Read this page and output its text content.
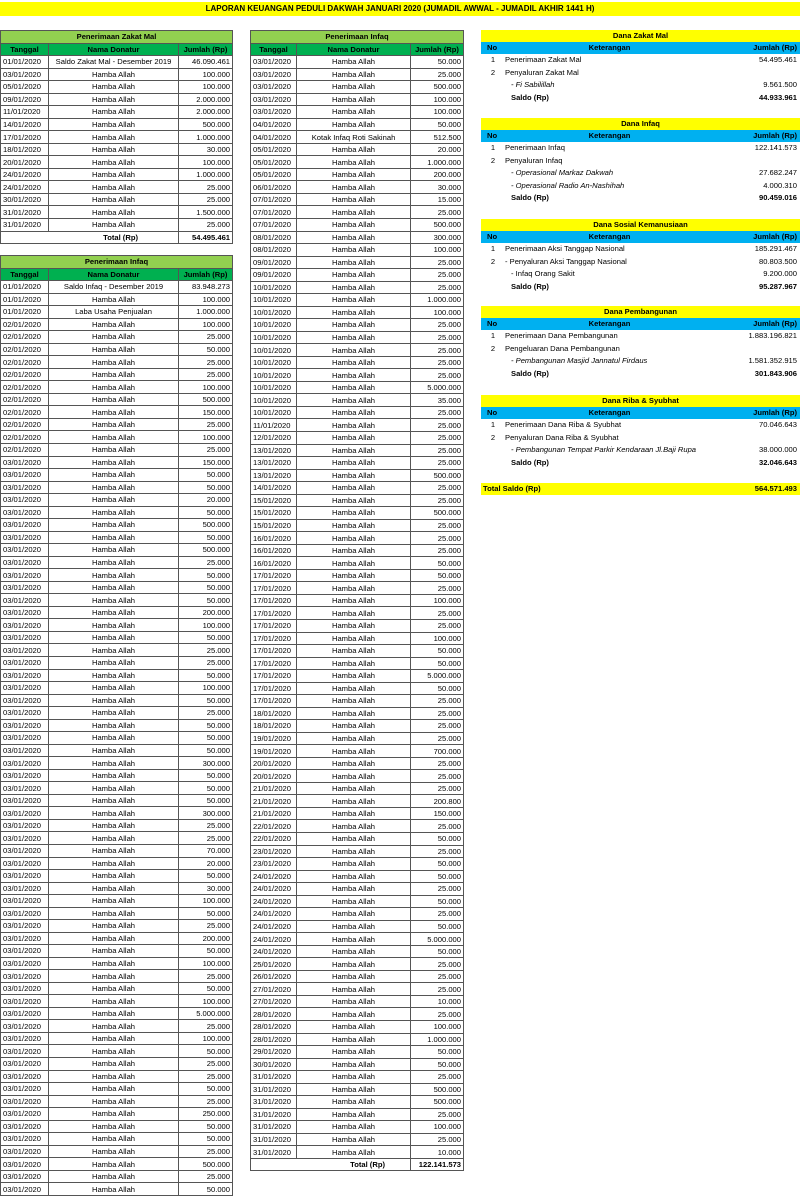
LAPORAN KEUANGAN PEDULI DAKWAH JANUARI 2020 (JUMADIL AWWAL - JUMADIL AKHIR 1441 H)
Penerimaan Zakat Mal		
Tanggal	Nama Donatur	Jumlah (Rp)
01/01/2020	Saldo Zakat Mal - Desember 2019	46.090.461
03/01/2020	Hamba Allah	100.000
05/01/2020	Hamba Allah	100.000
09/01/2020	Hamba Allah	2.000.000
11/01/2020	Hamba Allah	2.000.000
14/01/2020	Hamba Allah	500.000
17/01/2020	Hamba Allah	1.000.000
18/01/2020	Hamba Allah	30.000
20/01/2020	Hamba Allah	100.000
24/01/2020	Hamba Allah	1.000.000
24/01/2020	Hamba Allah	25.000
30/01/2020	Hamba Allah	25.000
31/01/2020	Hamba Allah	1.500.000
31/01/2020	Hamba Allah	25.000
Total (Rp)		54.495.461
Penerimaan Infaq		
Tanggal	Nama Donatur	Jumlah (Rp)
01/01/2020	Saldo Infaq - Desember 2019	83.948.273
01/01/2020	Hamba Allah	100.000
01/01/2020	Laba Usaha Penjualan	1.000.000
02/01/2020	Hamba Allah	100.000
02/01/2020	Hamba Allah	25.000
02/01/2020	Hamba Allah	50.000
02/01/2020	Hamba Allah	25.000
02/01/2020	Hamba Allah	25.000
02/01/2020	Hamba Allah	100.000
02/01/2020	Hamba Allah	500.000
02/01/2020	Hamba Allah	150.000
02/01/2020	Hamba Allah	25.000
02/01/2020	Hamba Allah	100.000
02/01/2020	Hamba Allah	25.000
03/01/2020	Hamba Allah	150.000
03/01/2020	Hamba Allah	50.000
03/01/2020	Hamba Allah	50.000
03/01/2020	Hamba Allah	20.000
03/01/2020	Hamba Allah	50.000
03/01/2020	Hamba Allah	500.000
03/01/2020	Hamba Allah	50.000
03/01/2020	Hamba Allah	500.000
03/01/2020	Hamba Allah	25.000
03/01/2020	Hamba Allah	50.000
03/01/2020	Hamba Allah	50.000
03/01/2020	Hamba Allah	50.000
03/01/2020	Hamba Allah	200.000
03/01/2020	Hamba Allah	100.000
03/01/2020	Hamba Allah	50.000
03/01/2020	Hamba Allah	25.000
03/01/2020	Hamba Allah	25.000
03/01/2020	Hamba Allah	50.000
03/01/2020	Hamba Allah	100.000
03/01/2020	Hamba Allah	50.000
03/01/2020	Hamba Allah	25.000
03/01/2020	Hamba Allah	50.000
03/01/2020	Hamba Allah	50.000
03/01/2020	Hamba Allah	50.000
03/01/2020	Hamba Allah	300.000
03/01/2020	Hamba Allah	50.000
03/01/2020	Hamba Allah	50.000
03/01/2020	Hamba Allah	50.000
03/01/2020	Hamba Allah	300.000
03/01/2020	Hamba Allah	25.000
03/01/2020	Hamba Allah	25.000
03/01/2020	Hamba Allah	70.000
03/01/2020	Hamba Allah	20.000
03/01/2020	Hamba Allah	50.000
03/01/2020	Hamba Allah	30.000
03/01/2020	Hamba Allah	100.000
03/01/2020	Hamba Allah	50.000
03/01/2020	Hamba Allah	25.000
03/01/2020	Hamba Allah	200.000
03/01/2020	Hamba Allah	50.000
03/01/2020	Hamba Allah	100.000
03/01/2020	Hamba Allah	25.000
03/01/2020	Hamba Allah	50.000
03/01/2020	Hamba Allah	100.000
03/01/2020	Hamba Allah	5.000.000
03/01/2020	Hamba Allah	25.000
03/01/2020	Hamba Allah	100.000
03/01/2020	Hamba Allah	50.000
03/01/2020	Hamba Allah	25.000
03/01/2020	Hamba Allah	25.000
03/01/2020	Hamba Allah	50.000
03/01/2020	Hamba Allah	25.000
03/01/2020	Hamba Allah	250.000
03/01/2020	Hamba Allah	50.000
03/01/2020	Hamba Allah	50.000
03/01/2020	Hamba Allah	25.000
03/01/2020	Hamba Allah	500.000
03/01/2020	Hamba Allah	25.000
03/01/2020	Hamba Allah	50.000
Penerimaan Infaq		
Tanggal	Nama Donatur	Jumlah (Rp)
03/01/2020	Hamba Allah	50.000
03/01/2020	Hamba Allah	25.000
03/01/2020	Hamba Allah	500.000
03/01/2020	Hamba Allah	100.000
03/01/2020	Hamba Allah	100.000
04/01/2020	Hamba Allah	50.000
04/01/2020	Kotak Infaq Roti Sakinah	512.500
05/01/2020	Hamba Allah	20.000
05/01/2020	Hamba Allah	1.000.000
05/01/2020	Hamba Allah	200.000
06/01/2020	Hamba Allah	30.000
07/01/2020	Hamba Allah	15.000
07/01/2020	Hamba Allah	25.000
07/01/2020	Hamba Allah	500.000
08/01/2020	Hamba Allah	300.000
08/01/2020	Hamba Allah	100.000
09/01/2020	Hamba Allah	25.000
09/01/2020	Hamba Allah	25.000
10/01/2020	Hamba Allah	25.000
10/01/2020	Hamba Allah	1.000.000
10/01/2020	Hamba Allah	100.000
10/01/2020	Hamba Allah	25.000
10/01/2020	Hamba Allah	25.000
10/01/2020	Hamba Allah	25.000
10/01/2020	Hamba Allah	25.000
10/01/2020	Hamba Allah	25.000
10/01/2020	Hamba Allah	5.000.000
10/01/2020	Hamba Allah	35.000
10/01/2020	Hamba Allah	25.000
11/01/2020	Hamba Allah	25.000
12/01/2020	Hamba Allah	25.000
13/01/2020	Hamba Allah	25.000
13/01/2020	Hamba Allah	25.000
13/01/2020	Hamba Allah	500.000
14/01/2020	Hamba Allah	25.000
15/01/2020	Hamba Allah	25.000
15/01/2020	Hamba Allah	500.000
15/01/2020	Hamba Allah	25.000
16/01/2020	Hamba Allah	25.000
16/01/2020	Hamba Allah	25.000
16/01/2020	Hamba Allah	50.000
17/01/2020	Hamba Allah	50.000
17/01/2020	Hamba Allah	25.000
17/01/2020	Hamba Allah	100.000
17/01/2020	Hamba Allah	25.000
17/01/2020	Hamba Allah	25.000
17/01/2020	Hamba Allah	100.000
17/01/2020	Hamba Allah	50.000
17/01/2020	Hamba Allah	50.000
17/01/2020	Hamba Allah	5.000.000
17/01/2020	Hamba Allah	50.000
17/01/2020	Hamba Allah	25.000
18/01/2020	Hamba Allah	25.000
18/01/2020	Hamba Allah	25.000
19/01/2020	Hamba Allah	25.000
19/01/2020	Hamba Allah	700.000
20/01/2020	Hamba Allah	25.000
20/01/2020	Hamba Allah	25.000
21/01/2020	Hamba Allah	25.000
21/01/2020	Hamba Allah	200.800
21/01/2020	Hamba Allah	150.000
22/01/2020	Hamba Allah	25.000
22/01/2020	Hamba Allah	50.000
23/01/2020	Hamba Allah	25.000
23/01/2020	Hamba Allah	50.000
24/01/2020	Hamba Allah	50.000
24/01/2020	Hamba Allah	25.000
24/01/2020	Hamba Allah	50.000
24/01/2020	Hamba Allah	25.000
24/01/2020	Hamba Allah	50.000
24/01/2020	Hamba Allah	5.000.000
24/01/2020	Hamba Allah	50.000
25/01/2020	Hamba Allah	25.000
26/01/2020	Hamba Allah	25.000
27/01/2020	Hamba Allah	25.000
27/01/2020	Hamba Allah	10.000
28/01/2020	Hamba Allah	25.000
28/01/2020	Hamba Allah	100.000
28/01/2020	Hamba Allah	1.000.000
29/01/2020	Hamba Allah	50.000
30/01/2020	Hamba Allah	50.000
31/01/2020	Hamba Allah	25.000
31/01/2020	Hamba Allah	500.000
31/01/2020	Hamba Allah	500.000
31/01/2020	Hamba Allah	25.000
31/01/2020	Hamba Allah	100.000
31/01/2020	Hamba Allah	25.000
31/01/2020	Hamba Allah	10.000
Total (Rp)		122.141.573
Dana Zakat Mal
No	Keterangan	Jumlah (Rp)
1	Penerimaan Zakat Mal	54.495.461
2	Penyaluran Zakat Mal
- Fi Sabilillah	9.561.500
Saldo (Rp)	44.933.961
Dana Infaq
No	Keterangan	Jumlah (Rp)
1	Penerimaan Infaq	122.141.573
2	Penyaluran Infaq
- Operasional Markaz Dakwah	27.682.247
- Operasional Radio An-Nashihah	4.000.310
Saldo (Rp)	90.459.016
Dana Sosial Kemanusiaan
No	Keterangan	Jumlah (Rp)
1	Penerimaan Aksi Tanggap Nasional	185.291.467
2	- Penyaluran Aksi Tanggap Nasional	80.803.500
- Infaq Orang Sakit	9.200.000
Saldo (Rp)	95.287.967
Dana Pembangunan
No	Keterangan	Jumlah (Rp)
1	Penerimaan Dana Pembangunan	1.883.196.821
2	Pengeluaran Dana Pembangunan
- Pembangunan Masjid Jannatul Firdaus	1.581.352.915
Saldo (Rp)	301.843.906
Dana Riba & Syubhat
No	Keterangan	Jumlah (Rp)
1	Penerimaan Dana Riba & Syubhat	70.046.643
2	Penyaluran Dana Riba & Syubhat
- Pembangunan Tempat Parkir Kendaraan Jl.Baji Rupa	38.000.000
Saldo (Rp)	32.046.643
Total Saldo (Rp)	564.571.493
